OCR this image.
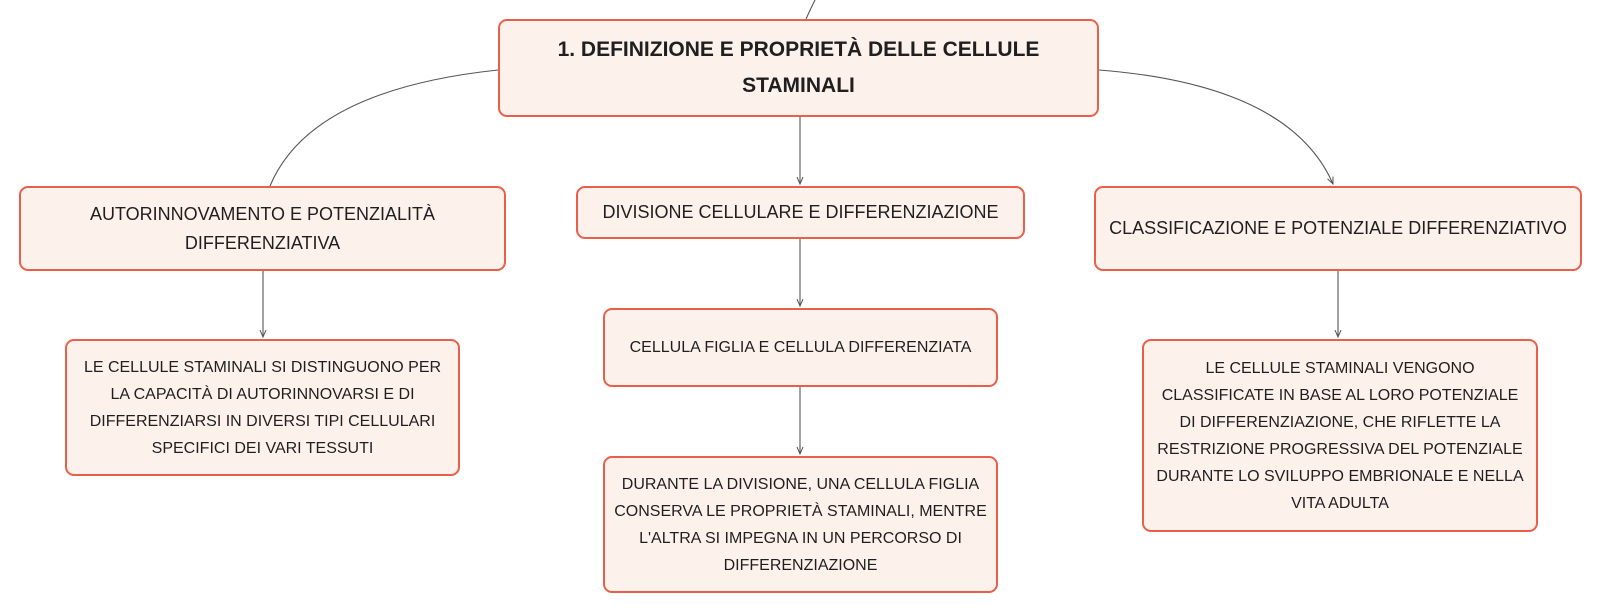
1. DEFINIZIONE E PROPRIETÀ DELLE CELLULE STAMINALI
AUTORINNOVAMENTO E POTENZIALITÀ DIFFERENZIATIVA
DIVISIONE CELLULARE E DIFFERENZIAZIONE
CLASSIFICAZIONE E POTENZIALE DIFFERENZIATIVO
LE CELLULE STAMINALI SI DISTINGUONO PER LA CAPACITÀ DI AUTORINNOVARSI E DI DIFFERENZIARSI IN DIVERSI TIPI CELLULARI SPECIFICI DEI VARI TESSUTI
CELLULA FIGLIA E CELLULA DIFFERENZIATA
DURANTE LA DIVISIONE, UNA CELLULA FIGLIA CONSERVA LE PROPRIETÀ STAMINALI, MENTRE L'ALTRA SI IMPEGNA IN UN PERCORSO DI DIFFERENZIAZIONE
LE CELLULE STAMINALI VENGONO CLASSIFICATE IN BASE AL LORO POTENZIALE DI DIFFERENZIAZIONE, CHE RIFLETTE LA RESTRIZIONE PROGRESSIVA DEL POTENZIALE DURANTE LO SVILUPPO EMBRIONALE E NELLA VITA ADULTA
